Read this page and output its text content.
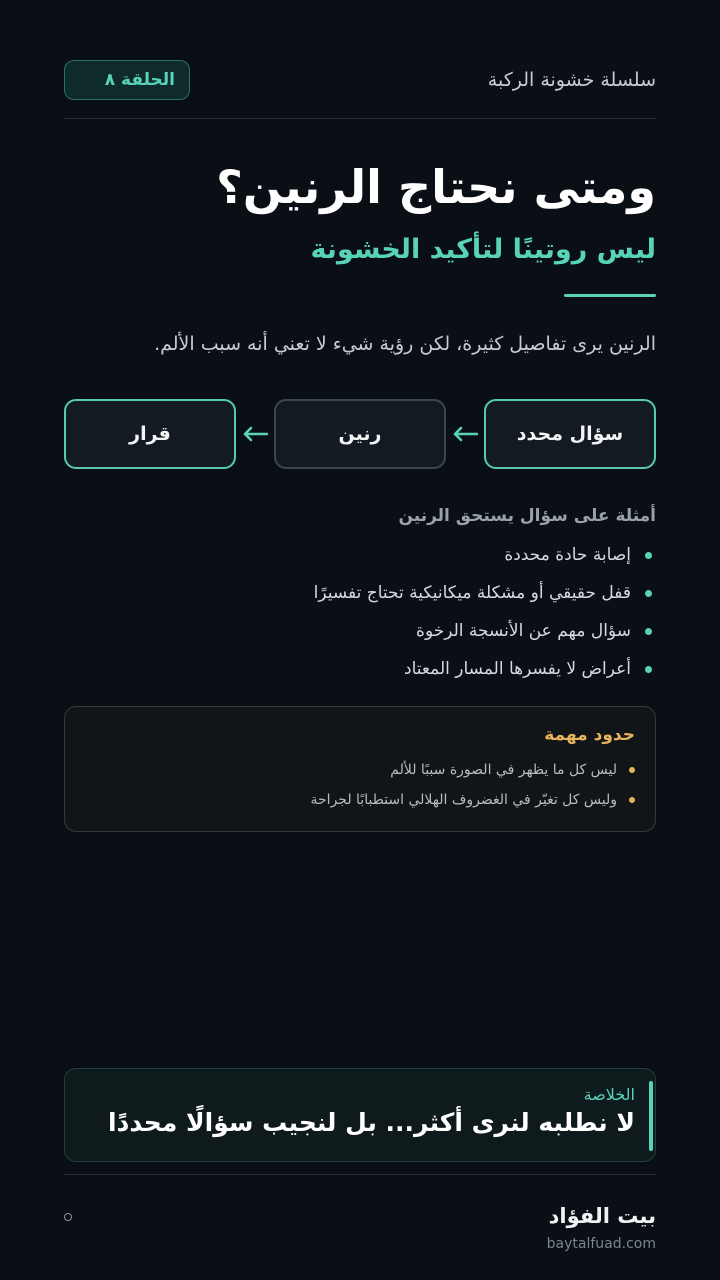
سلسلة خشونة الركبة
الحلقة ٨
ومتى نحتاج الرنين؟
ليس روتينًا لتأكيد الخشونة

الرنين يرى تفاصيل كثيرة، لكن رؤية شيء لا تعني أنه سبب الألم.

سؤال محدد
رنين
قرار
أمثلة على سؤال يستحق الرنين
إصابة حادة محددة
قفل حقيقي أو مشكلة ميكانيكية تحتاج تفسيرًا
سؤال مهم عن الأنسجة الرخوة
أعراض لا يفسرها المسار المعتاد
حدود مهمة
ليس كل ما يظهر في الصورة سببًا للألم
وليس كل تغيّر في الغضروف الهلالي استطبابًا لجراحة

الخلاصة

لا نطلبه لنرى أكثر... بل لنجيب سؤالًا محددًا

بيت الفؤاد
baytalfuad.com
